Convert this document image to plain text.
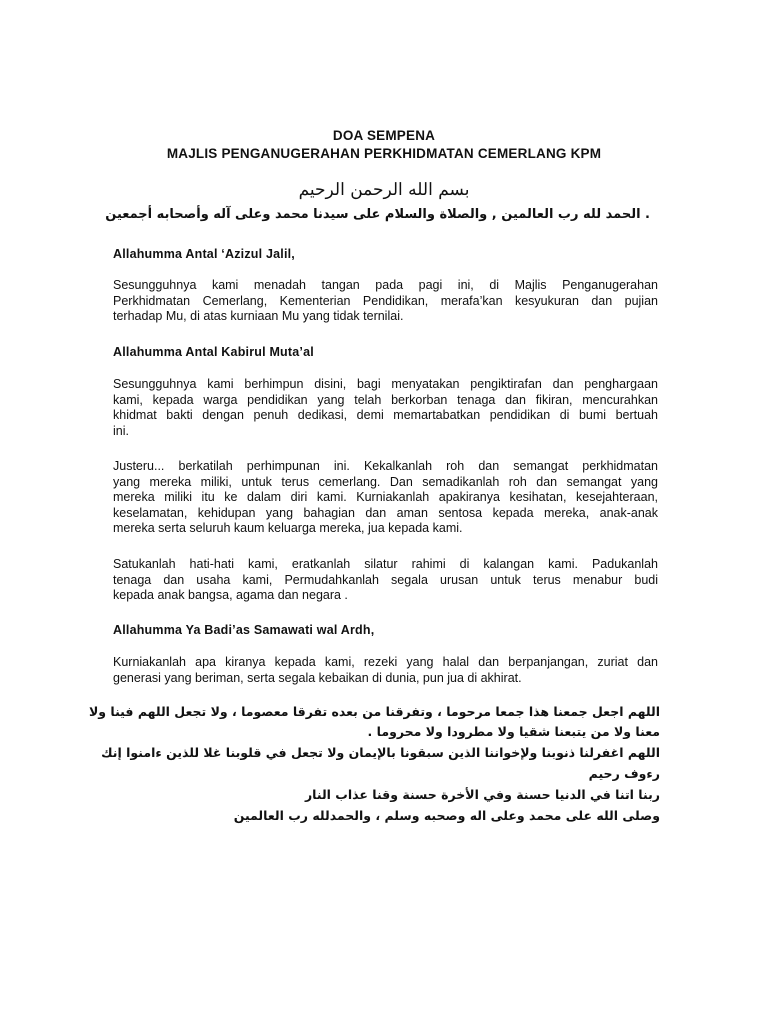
DOA SEMPENA
MAJLIS PENGANUGERAHAN PERKHIDMATAN CEMERLANG KPM
بسم الله الرحمن الرحيم
. الحمد لله رب العالمين , والصلاة والسلام على سيدنا محمد وعلى آله وأصحابه أجمعين
Allahumma Antal ‘Azizul Jalil,
Sesungguhnya kami menadah tangan pada pagi ini, di Majlis Penganugerahan
Perkhidmatan Cemerlang, Kementerian Pendidikan, merafa’kan kesyukuran dan pujian
terhadap Mu, di atas kurniaan Mu yang tidak ternilai.
Allahumma Antal Kabirul Muta’al
Sesungguhnya kami berhimpun disini, bagi menyatakan pengiktirafan dan penghargaan
kami, kepada warga pendidikan yang telah berkorban tenaga dan fikiran, mencurahkan
khidmat bakti dengan penuh dedikasi, demi memartabatkan pendidikan di bumi bertuah
ini.
Justeru... berkatilah perhimpunan ini. Kekalkanlah roh dan semangat perkhidmatan
yang mereka miliki, untuk terus cemerlang. Dan semadikanlah roh dan semangat yang
mereka miliki itu ke dalam diri kami. Kurniakanlah apakiranya kesihatan, kesejahteraan,
keselamatan, kehidupan yang bahagian dan aman sentosa kepada mereka, anak-anak
mereka serta seluruh kaum keluarga mereka, jua kepada kami.
Satukanlah hati-hati kami, eratkanlah silatur rahimi di kalangan kami. Padukanlah
tenaga dan usaha kami, Permudahkanlah segala urusan untuk terus menabur budi
kepada anak bangsa, agama dan negara .
Allahumma Ya Badi’as Samawati wal Ardh,
Kurniakanlah apa kiranya kepada kami, rezeki yang halal dan berpanjangan, zuriat dan
generasi yang beriman, serta segala kebaikan di dunia, pun jua di akhirat.
اللهم اجعل جمعنا هذا جمعا مرحوما ، وتفرقنا من بعده تفرقا معصوما ، ولا تجعل اللهم فينا ولا
معنا ولا من يتبعنا شقيا ولا مطرودا ولا محروما .
اللهم اغفرلنا ذنوبنا ولإخواننا الذين سبقونا بالإيمان ولا تجعل في قلوبنا غلا للذين ءامنوا إنك
رءوف رحيم
ربنا اتنا في الدنيا حسنة وفي الأخرة حسنة وقنا عذاب النار
وصلى الله على محمد وعلى اله وصحبه وسلم ، والحمدلله رب العالمين
